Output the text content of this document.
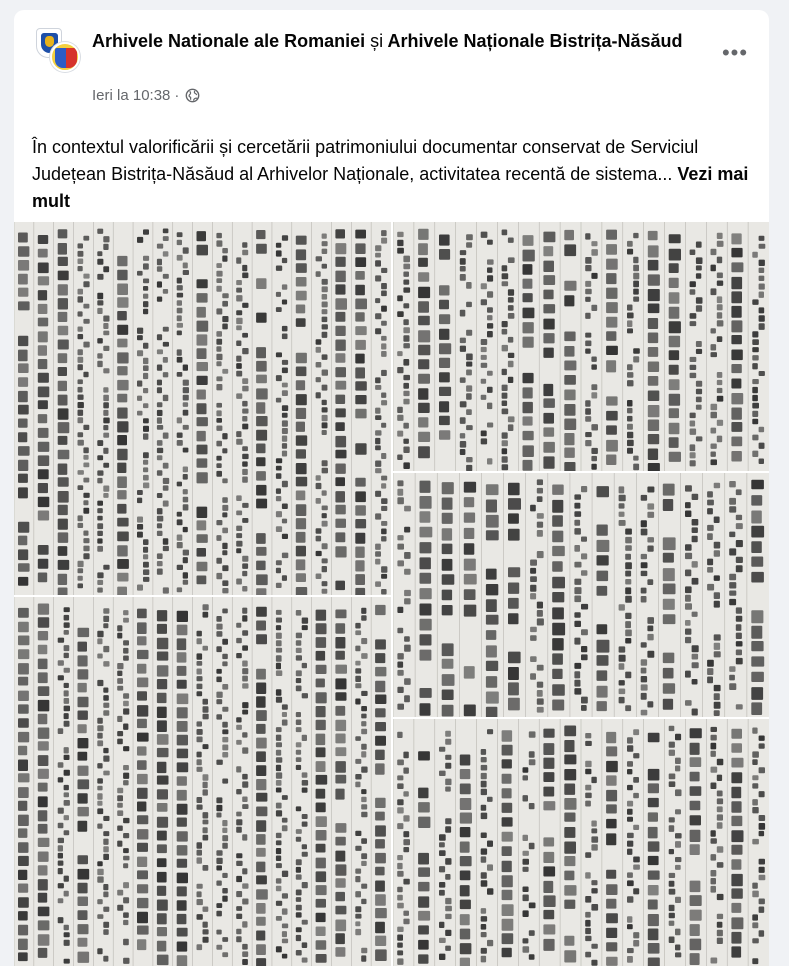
Arhivele Nationale ale Romaniei și Arhivele Naționale Bistrița-Năsăud
Ieri la 10:38 ·
•••
În contextul valorificării și cercetării patrimoniului documentar conservat de Serviciul Județean Bistrița-Năsăud al Arhivelor Naționale, activitatea recentă de sistema... Vezi mai mult
